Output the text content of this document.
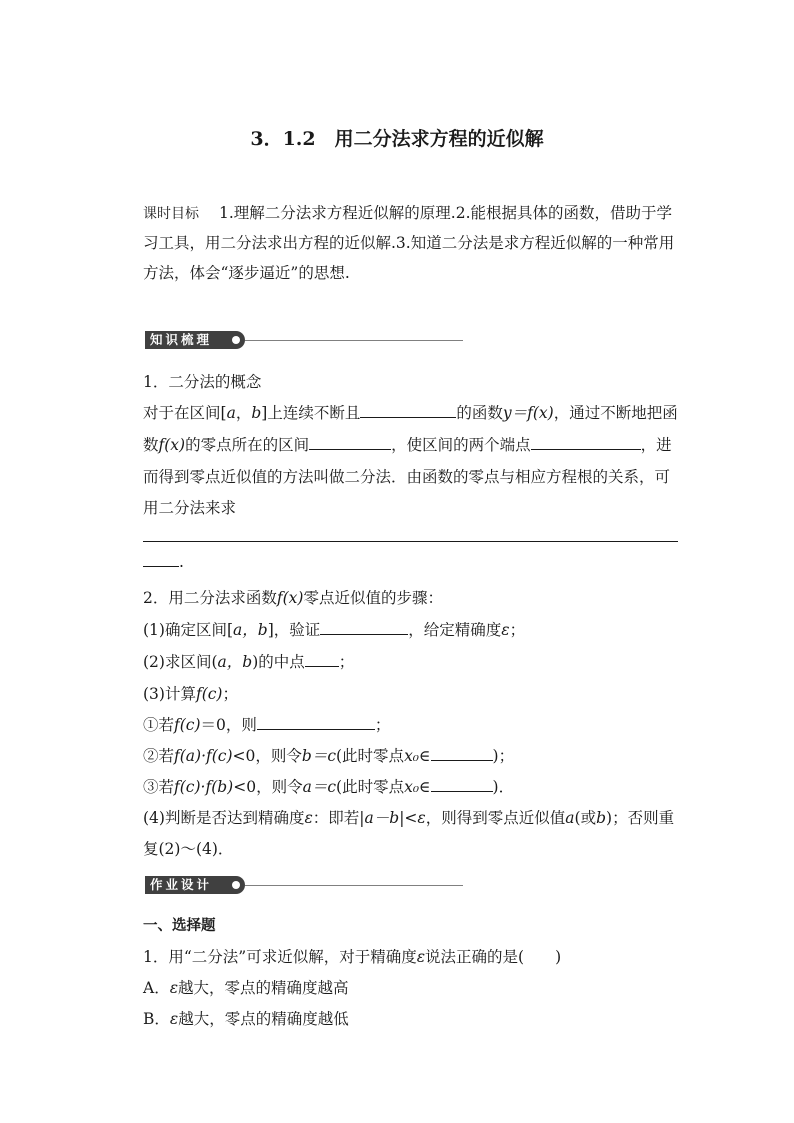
3．1.2　用二分法求方程的近似解
课时目标 1.理解二分法求方程近似解的原理.2.能根据具体的函数，借助于学
习工具，用二分法求出方程的近似解.3.知道二分法是求方程近似解的一种常用
方法，体会“逐步逼近”的思想.
知识梳理
1．二分法的概念
对于在区间[a，b]上连续不断且	的函数y＝f(x)，通过不断地把函
数f(x)的零点所在的区间	，使区间的两个端点	，进
而得到零点近似值的方法叫做二分法．由函数的零点与相应方程根的关系，可
用二分法来求
.
2．用二分法求函数f(x)零点近似值的步骤：
(1)确定区间[a，b]，验证	，给定精确度ε；
(2)求区间(a，b)的中点 ；
(3)计算f(c)；
①若f(c)＝0，则	；
②若f(a)·f(c)<0，则令b＝c(此时零点x₀∈	)；
③若f(c)·f(b)<0，则令a＝c(此时零点x₀∈	)．
(4)判断是否达到精确度ε：即若|a－b|<ε，则得到零点近似值a(或b)；否则重
复(2)～(4)．
作业设计
一、选择题
1．用“二分法”可求近似解，对于精确度ε说法正确的是(　　)
A．ε越大，零点的精确度越高
B．ε越大，零点的精确度越低
